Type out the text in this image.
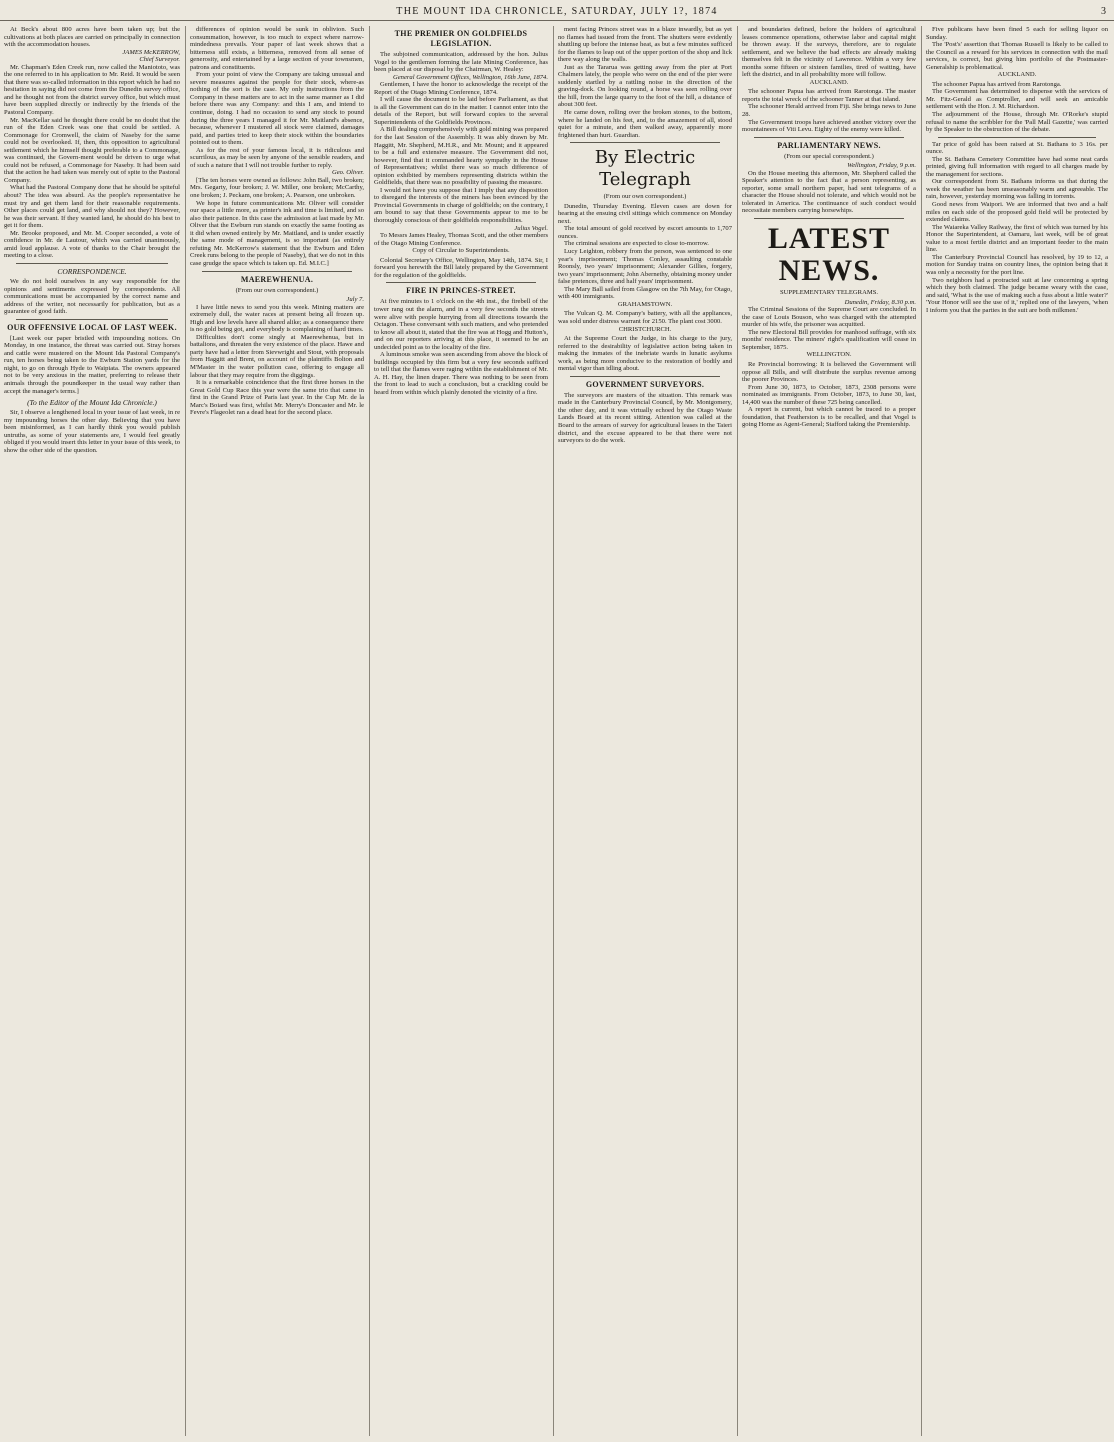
THE MOUNT IDA CHRONICLE, SATURDAY, JULY 1?, 1874	3

At Beck's about 800 acres have been taken up; but the cultivations at both places are carried on principally in connection with the accommodation houses.

JAMES McKERROW,

Chief Surveyor.

Mr. Chapman's Eden Creek run, now called the Maniototo, was the one referred to in his application to Mr. Reid. It would be seen that there was so-called information in this report which he had no hesitation in saying did not come from the Dunedin survey office, and he thought not from the district survey office, but which must have been supplied directly or indirectly by the friends of the Pastoral Company.

Mr. MacKellar said he thought there could be no doubt that the run of the Eden Creek was one that could be settled. A Commonage for Cromwell, the claim of Naseby for the same could not be overlooked. If, then, this opposition to agricultural settlement which he himself thought preferable to a Commonage, was continued, the Govern-ment would be driven to urge what could not be refused, a Commonage for Naseby. It had been said that the action he had taken was merely out of spite to the Pastoral Company.

What had the Pastoral Company done that he should be spiteful about? The idea was absurd. As the people's representative he must try and get them land for their reasonable requirements. Other places could get land, and why should not they? However, he was their servant. If they wanted land, he should do his best to get it for them.

Mr. Brooke proposed, and Mr. M. Cooper seconded, a vote of confidence in Mr. de Lautour, which was carried unanimously, amid loud applause. A vote of thanks to the Chair brought the meeting to a close.

CORRESPONDENCE.

We do not hold ourselves in any way responsible for the opinions and sentiments expressed by correspondents. All communications must be accompanied by the correct name and address of the writer, not necessarily for publication, but as a guarantee of good faith.

OUR OFFENSIVE LOCAL OF LAST WEEK.

[Last week our paper bristled with impounding notices. On Monday, in one instance, the threat was carried out. Stray horses and cattle were mustered on the Mount Ida Pastoral Company's run, ten horses being taken to the Ewburn Station yards for the night, to go on through Hyde to Waipiata. The owners appeared not to be very anxious in the matter, preferring to release their animals through the poundkeeper in the usual way rather than accept the manager's terms.]

(To the Editor of the Mount Ida Chronicle.)

Sir, I observe a lengthened local in your issue of last week, in re my impounding horses the other day. Believing that you have been misinformed, as I can hardly think you would publish untruths, as some of your statements are, I would feel greatly obliged if you would insert this letter in your issue of this week, to show the other side of the question.

differences of opinion would be sunk in oblivion. Such consummation, however, is too much to expect where narrow-mindedness prevails. Your paper of last week shows that a bitterness still exists, a bitterness, removed from all sense of generosity, and entertained by a large section of your townsmen, patrons and constituents.

From your point of view the Company are taking unusual and severe measures against the people for their stock, where-as nothing of the sort is the case. My only instructions from the Company in these matters are to act in the same manner as I did before there was any Company: and this I am, and intend to continue, doing. I had no occasion to send any stock to pound during the three years I managed it for Mr. Maitland's absence, because, whenever I mustered all stock were claimed, damages paid, and parties tried to keep their stock within the boundaries pointed out to them.

As for the rest of your famous local, it is ridiculous and scurrilous, as may be seen by anyone of the sensible readers, and of such a nature that I will not trouble further to reply.

Geo. Oliver.

[The ten horses were owned as follows: John Ball, two broken; Mrs. Gegarty, four broken; J. W. Miller, one broken; McCarthy, one broken; J. Peckam, one broken; A. Pearson, one unbroken.

We hope in future communications Mr. Oliver will consider our space a little more, as printer's ink and time is limited, and so also their patience. In this case the admission at last made by Mr. Oliver that the Ewburn run stands on exactly the same footing as it did when owned entirely by Mr. Maitland, and is under exactly the same mode of management, is so important (as entirely refuting Mr. McKerrow's statement that the Ewburn and Eden Creek runs belong to the people of Naseby), that we do not in this case grudge the space which is taken up. Ed. M.I.C.]

MAEREWHENUA.
(From our own correspondent.)

July 7.

I have little news to send you this week. Mining matters are extremely dull, the water races at present being all frozen up. High and low levels have all shared alike; as a consequence there is no gold being got, and everybody is complaining of hard times.

Difficulties don't come singly at Maerewhenua, but in battalions, and threaten the very existence of the place. Hawe and party have had a letter from Sievwright and Stout, with proposals from Haggitt and Brent, on account of the plaintiffs Bolton and M'Master in the water pollution case, offering to engage all labour that they may require from the diggings.

It is a remarkable coincidence that the first three horses in the Great Gold Cup Race this year were the same trio that came in first in the Grand Prize of Paris last year. In the Cup Mr. de la Marc's Boiard was first, whilst Mr. Merry's Doncaster and Mr. le Fevre's Flageolet ran a dead heat for the second place.

THE PREMIER ON GOLDFIELDS LEGISLATION.

The subjoined communication, addressed by the hon. Julius Vogel to the gentlemen forming the late Mining Conference, has been placed at our disposal by the Chairman, W. Healey:

General Government Offices, Wellington, 16th June, 1874.

Gentlemen, I have the honor to acknowledge the receipt of the Report of the Otago Mining Conference, 1874.

I will cause the document to be laid before Parliament, as that is all the Government can do in the matter. I cannot enter into the details of the Report, but will forward copies to the several Superintendents of the Goldfields Provinces.

A Bill dealing comprehensively with gold mining was prepared for the last Session of the Assembly. It was ably drawn by Mr. Haggitt, Mr. Shepherd, M.H.R., and Mr. Mount; and it appeared to be a full and extensive measure. The Government did not, however, find that it commanded hearty sympathy in the House of Representatives; whilst there was so much difference of opinion exhibited by members representing districts within the Goldfields, that there was no possibility of passing the measure.

I would not have you suppose that I imply that any disposition to disregard the interests of the miners has been evinced by the Provincial Governments in charge of goldfields; on the contrary, I am bound to say that these Governments appear to me to be thoroughly conscious of their goldfields responsibilities.

Julius Vogel.

To Messrs James Healey, Thomas Scott, and the other members of the Otago Mining Conference.

Copy of Circular to Superintendents.

Colonial Secretary's Office, Wellington, May 14th, 1874. Sir, I forward you herewith the Bill lately prepared by the Government for the regulation of the goldfields.

FIRE IN PRINCES-STREET.

At five minutes to 1 o'clock on the 4th inst., the firebell of the tower rang out the alarm, and in a very few seconds the streets were alive with people hurrying from all directions towards the Octagon. These conversant with such matters, and who pretended to know all about it, stated that the fire was at Hogg and Hutton's, and on our reporters arriving at this place, it seemed to be an undecided point as to the locality of the fire.

A luminous smoke was seen ascending from above the block of buildings occupied by this firm but a very few seconds sufficed to tell that the flames were raging within the establishment of Mr. A. H. Hay, the linen draper. There was nothing to be seen from the front to lead to such a conclusion, but a crackling could be heard from within which plainly denoted the vicinity of a fire.

ment facing Princes street was in a blaze inwardly, but as yet no flames had issued from the front. The shutters were evidently shuttling up before the intense heat, as but a few minutes sufficed for the flames to leap out of the upper portion of the shop and lick there way along the walls.

Just as the Tararua was getting away from the pier at Port Chalmers lately, the people who were on the end of the pier were suddenly startled by a rattling noise in the direction of the graving-dock. On looking round, a horse was seen rolling over the hill, from the large quarry to the foot of the hill, a distance of about 300 feet.

He came down, rolling over the broken stones, to the bottom, where he landed on his feet, and, to the amazement of all, stood quiet for a minute, and then walked away, apparently more frightened than hurt. Guardian.

By Electric Telegraph
(From our own correspondent.)

Dunedin, Thursday Evening. Eleven cases are down for hearing at the ensuing civil sittings which commence on Monday next.

The total amount of gold received by escort amounts to 1,707 ounces.

The criminal sessions are expected to close to-morrow.

Lucy Leighton, robbery from the person, was sentenced to one year's imprisonment; Thomas Conley, assaulting constable Roonsly, two years' imprisonment; Alexander Gillies, forgery, two years' imprisonment; John Abernethy, obtaining money under false pretences, three and half years' imprisonment.

The Mary Ball sailed from Glasgow on the 7th May, for Otago, with 400 immigrants.

GRAHAMSTOWN.

The Vulcan Q. M. Company's battery, with all the appliances, was sold under distress warrant for 2150. The plant cost 3000.

CHRISTCHURCH.

At the Supreme Court the Judge, in his charge to the jury, referred to the desirability of legislative action being taken in making the inmates of the inebriate wards in lunatic asylums work, as being more conducive to the restoration of bodily and mental vigor than idling about.

GOVERNMENT SURVEYORS.

The surveyors are masters of the situation. This remark was made in the Canterbury Provincial Council, by Mr. Montgomery, the other day, and it was virtually echoed by the Otago Waste Lands Board at its recent sitting. Attention was called at the Board to the arrears of survey for agricultural leases in the Taieri district, and the excuse appeared to be that there were not surveyors to do the work.

and boundaries defined, before the holders of agricultural leases commence operations, otherwise labor and capital might be thrown away. If the surveys, therefore, are to regulate settlement, and we believe the bad effects are already making themselves felt in the vicinity of Lawrence. Within a very few months some fifteen or sixteen families, tired of waiting, have left the district, and in all probability more will follow.

AUCKLAND.

The schooner Papua has arrived from Rarotonga. The master reports the total wreck of the schooner Tanner at that island.

The schooner Herald arrived from Fiji. She brings news to June 28.

The Government troops have achieved another victory over the mountaineers of Viti Levu. Eighty of the enemy were killed.

PARLIAMENTARY NEWS.
(From our special correspondent.)

Wellington, Friday, 9 p.m.

On the House meeting this afternoon, Mr. Shepherd called the Speaker's attention to the fact that a person representing, as reporter, some small northern paper, had sent telegrams of a character the House should not tolerate, and which would not be tolerated in America. The continuance of such conduct would necessitate members carrying horsewhips.

LATEST NEWS.
SUPPLEMENTARY TELEGRAMS.

Dunedin, Friday, 8.30 p.m.

The Criminal Sessions of the Supreme Court are concluded. In the case of Louis Bouson, who was charged with the attempted murder of his wife, the prisoner was acquitted.

The new Electoral Bill provides for manhood suffrage, with six months' residence. The miners' right's qualification will cease in September, 1875.

WELLINGTON.

Re Provincial borrowing: It is believed the Government will oppose all Bills, and will distribute the surplus revenue among the poorer Provinces.

From June 30, 1873, to October, 1873, 2308 persons were nominated as immigrants. From October, 1873, to June 30, last, 14,400 was the number of these 725 being cancelled.

A report is current, but which cannot be traced to a proper foundation, that Featherston is to be recalled, and that Vogel is going Home as Agent-General; Stafford taking the Premiership.

Five publicans have been fined 5 each for selling liquor on Sunday.

The 'Post's' assertion that Thomas Russell is likely to be called to the Council as a reward for his services in connection with the mail services, is correct, but giving him portfolio of the Postmaster-Generalship is problematical.

AUCKLAND.

The schooner Papua has arrived from Rarotonga.

The Government has determined to dispense with the services of Mr. Fitz-Gerald as Comptroller, and will seek an amicable settlement with the Hon. J. M. Richardson.

The adjournment of the House, through Mr. O'Rorke's stupid refusal to name the scribbler for the 'Pall Mall Gazette,' was carried by the Speaker to the obstruction of the debate.

Tar price of gold has been raised at St. Bathans to 3 16s. per ounce.

The St. Bathans Cemetery Committee have had some neat cards printed, giving full information with regard to all charges made by the management for sections.

Our correspondent from St. Bathans informs us that during the week the weather has been unseasonably warm and agreeable. The rain, however, yesterday morning was falling in torrents.

Good news from Waipori. We are informed that two and a half miles on each side of the proposed gold field will be protected by extended claims.

The Waiareka Valley Railway, the first of which was turned by his Honor the Superintendent, at Oamaru, last week, will be of great value to a most fertile district and an important feeder to the main line.

The Canterbury Provincial Council has resolved, by 19 to 12, a motion for Sunday trains on country lines, the opinion being that it was only a necessity for the port line.

Two neighbors had a protracted suit at law concerning a spring which they both claimed. The judge became weary with the case, and said, 'What is the use of making such a fuss about a little water?' 'Your Honor will see the use of it,' replied one of the lawyers, 'when I inform you that the parties in the suit are both milkmen.'
